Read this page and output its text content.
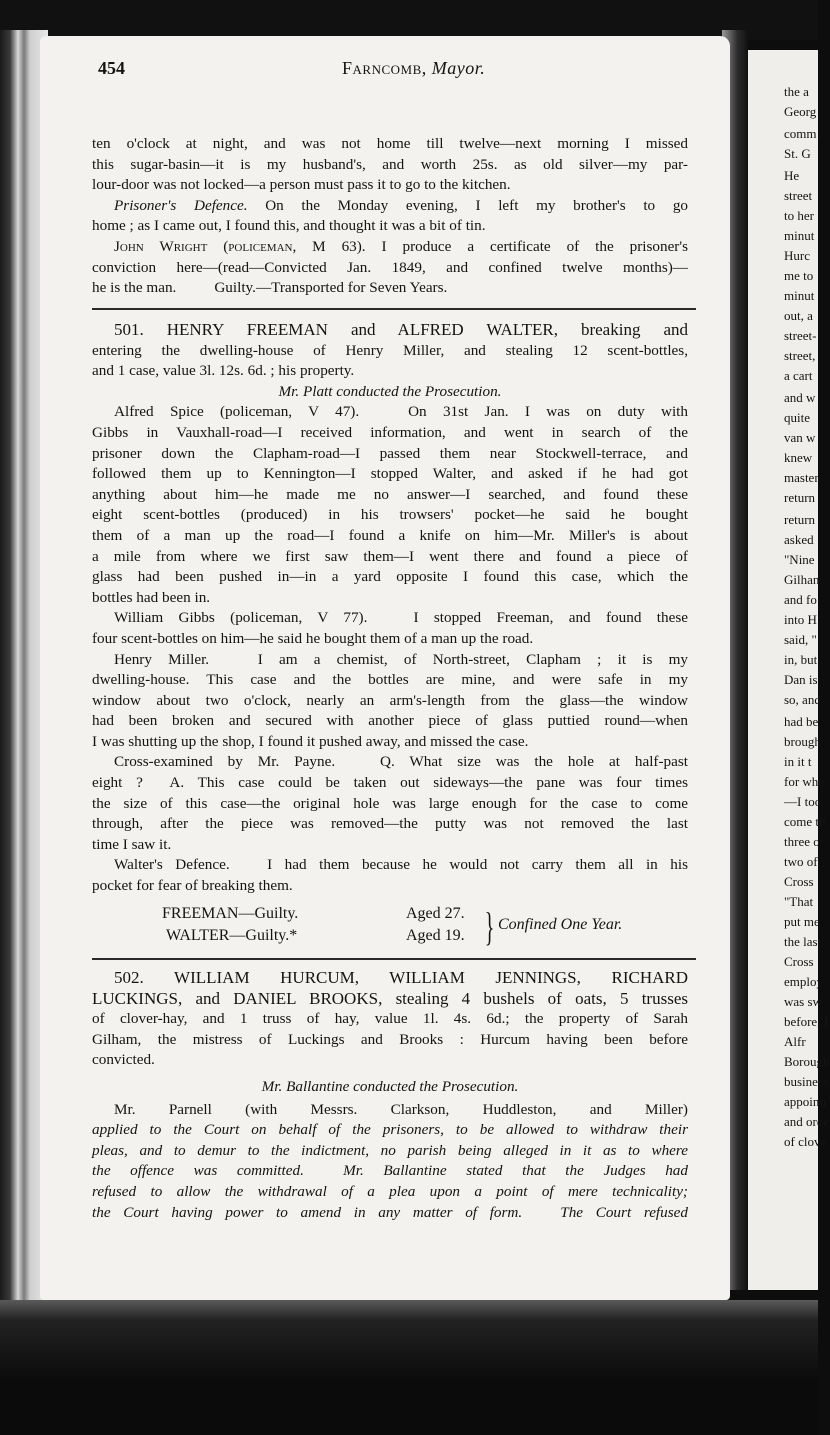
the a
Georg
comm
St. G
He
street
to her
minut
Hurc
me to
minut
out, a
street-
street,
a cart
and w
quite
van w
knew
master
return
return
asked
"Nine
Gilhan
and fo
into H
said, "
in, but
Dan is
so, and
had be
brough
in it t
for whe
—I too
come th
three o
two of
Cross
"That
put me
the last
Cross
employ
was sw
before, I
Alfr
Borough
business
appointr
and orde
of clove
454	Farncomb, Mayor.
ten o'clock at night, and was not home till twelve—next morning I missed
this sugar-basin—it is my husband's, and worth 25s. as old silver—my par-
lour-door was not locked—a person must pass it to go to the kitchen.
Prisoner's Defence. On the Monday evening, I left my brother's to go
home ; as I came out, I found this, and thought it was a bit of tin.
John Wright (policeman, M 63). I produce a certificate of the prisoner's
conviction here—(read—Convicted Jan. 1849, and confined twelve months)—
he is the man.          Guilty.—Transported for Seven Years.
501. HENRY FREEMAN and ALFRED WALTER, breaking and
entering the dwelling-house of Henry Miller, and stealing 12 scent-bottles,
and 1 case, value 3l. 12s. 6d. ; his property.
Mr. Platt conducted the Prosecution.
Alfred Spice (policeman, V 47).   On 31st Jan. I was on duty with
Gibbs in Vauxhall-road—I received information, and went in search of the
prisoner down the Clapham-road—I passed them near Stockwell-terrace, and
followed them up to Kennington—I stopped Walter, and asked if he had got
anything about him—he made me no answer—I searched, and found these
eight scent-bottles (produced) in his trowsers' pocket—he said he bought
them of a man up the road—I found a knife on him—Mr. Miller's is about
a mile from where we first saw them—I went there and found a piece of
glass had been pushed in—in a yard opposite I found this case, which the
bottles had been in.
William Gibbs (policeman, V 77).   I stopped Freeman, and found these
four scent-bottles on him—he said he bought them of a man up the road.
Henry Miller.   I am a chemist, of North-street, Clapham ; it is my
dwelling-house. This case and the bottles are mine, and were safe in my
window about two o'clock, nearly an arm's-length from the glass—the window
had been broken and secured with another piece of glass puttied round—when
I was shutting up the shop, I found it pushed away, and missed the case.
Cross-examined by Mr. Payne.   Q. What size was the hole at half-past
eight ?  A. This case could be taken out sideways—the pane was four times
the size of this case—the original hole was large enough for the case to come
through, after the piece was removed—the putty was not removed the last
time I saw it.
Walter's Defence.   I had them because he would not carry them all in his
pocket for fear of breaking them.
FREEMAN—Guilty.
WALTER—Guilty.*
Aged 27.
Aged 19. } Confined One Year.
502. WILLIAM HURCUM, WILLIAM JENNINGS, RICHARD
LUCKINGS, and DANIEL BROOKS, stealing 4 bushels of oats, 5 trusses
of clover-hay, and 1 truss of hay, value 1l. 4s. 6d.; the property of Sarah
Gilham, the mistress of Luckings and Brooks : Hurcum having been before
convicted.
Mr. Ballantine conducted the Prosecution.
Mr. Parnell (with Messrs. Clarkson, Huddleston, and Miller)
applied to the Court on behalf of the prisoners, to be allowed to withdraw their
pleas, and to demur to the indictment, no parish being alleged in it as to where
the offence was committed.  Mr. Ballantine stated that the Judges had
refused to allow the withdrawal of a plea upon a point of mere technicality;
the Court having power to amend in any matter of form.   The Court refused
